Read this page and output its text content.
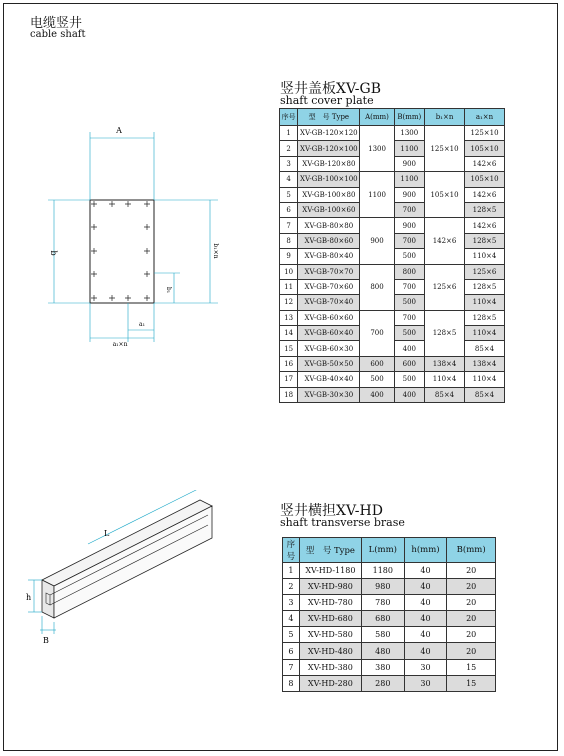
电缆竖井
cable shaft
A
b	b₁×n
b₁
a₁
a₁×n
竖井盖板XV-GB
shaft cover plate
序号	型　号 Type	A(mm)	B(mm)	b₁×n	a₁×n
1	XV-GB-120×120	1300	1300	125×10	125×10
2	XV-GB-120×100		1100		105×10
3	XV-GB-120×80		900		142×6
4	XV-GB-100×100	1100	1100	105×10	105×10
5	XV-GB-100×80		900		142×6
6	XV-GB-100×60		700		128×5
7	XV-GB-80×80	900	900	142×6	142×6
8	XV-GB-80×60		700		128×5
9	XV-GB-80×40		500		110×4
10	XV-GB-70×70	800	800	125×6	125×6
11	XV-GB-70×60		700		128×5
12	XV-GB-70×40		500		110×4
13	XV-GB-60×60	700	700	128×5	128×5
14	XV-GB-60×40		500		110×4
15	XV-GB-60×30		400		85×4
16	XV-GB-50×50	600	600	138×4	138×4
17	XV-GB-40×40	500	500	110×4	110×4
18	XV-GB-30×30	400	400	85×4	85×4
L
h
B
竖井横担XV-HD
shaft transverse brase
序号	型　号 Type	L(mm)	h(mm)	B(mm)
1	XV-HD-1180	1180	40	20
2	XV-HD-980	980	40	20
3	XV-HD-780	780	40	20
4	XV-HD-680	680	40	20
5	XV-HD-580	580	40	20
6	XV-HD-480	480	40	20
7	XV-HD-380	380	30	15
8	XV-HD-280	280	30	15
